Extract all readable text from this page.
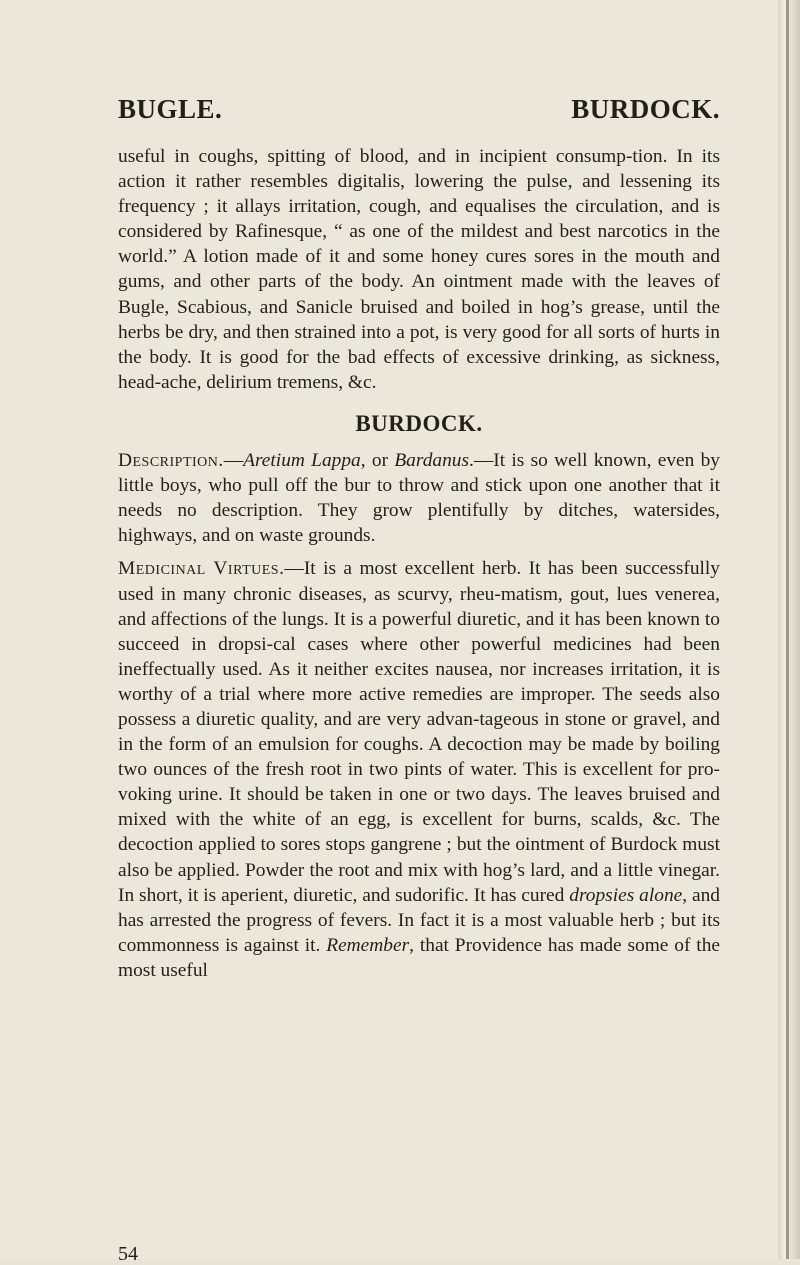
BUGLE.	BURDOCK.

useful in coughs, spitting of blood, and in incipient consump-tion. In its action it rather resembles digitalis, lowering the pulse, and lessening its frequency ; it allays irritation, cough, and equalises the circulation, and is considered by Rafinesque, “ as one of the mildest and best narcotics in the world.” A lotion made of it and some honey cures sores in the mouth and gums, and other parts of the body. An ointment made with the leaves of Bugle, Scabious, and Sanicle bruised and boiled in hog’s grease, until the herbs be dry, and then strained into a pot, is very good for all sorts of hurts in the body. It is good for the bad effects of excessive drinking, as sickness, head-ache, delirium tremens, &c.

BURDOCK.

Description.—Aretium Lappa, or Bardanus.—It is so well known, even by little boys, who pull off the bur to throw and stick upon one another that it needs no description. They grow plentifully by ditches, watersides, highways, and on waste grounds.

Medicinal Virtues.—It is a most excellent herb. It has been successfully used in many chronic diseases, as scurvy, rheu-matism, gout, lues venerea, and affections of the lungs. It is a powerful diuretic, and it has been known to succeed in dropsi-cal cases where other powerful medicines had been ineffectually used. As it neither excites nausea, nor increases irritation, it is worthy of a trial where more active remedies are improper. The seeds also possess a diuretic quality, and are very advan-tageous in stone or gravel, and in the form of an emulsion for coughs. A decoction may be made by boiling two ounces of the fresh root in two pints of water. This is excellent for pro-voking urine. It should be taken in one or two days. The leaves bruised and mixed with the white of an egg, is excellent for burns, scalds, &c. The decoction applied to sores stops gangrene ; but the ointment of Burdock must also be applied. Powder the root and mix with hog’s lard, and a little vinegar. In short, it is aperient, diuretic, and sudorific. It has cured dropsies alone, and has arrested the progress of fevers. In fact it is a most valuable herb ; but its commonness is against it. Remember, that Providence has made some of the most useful

54
